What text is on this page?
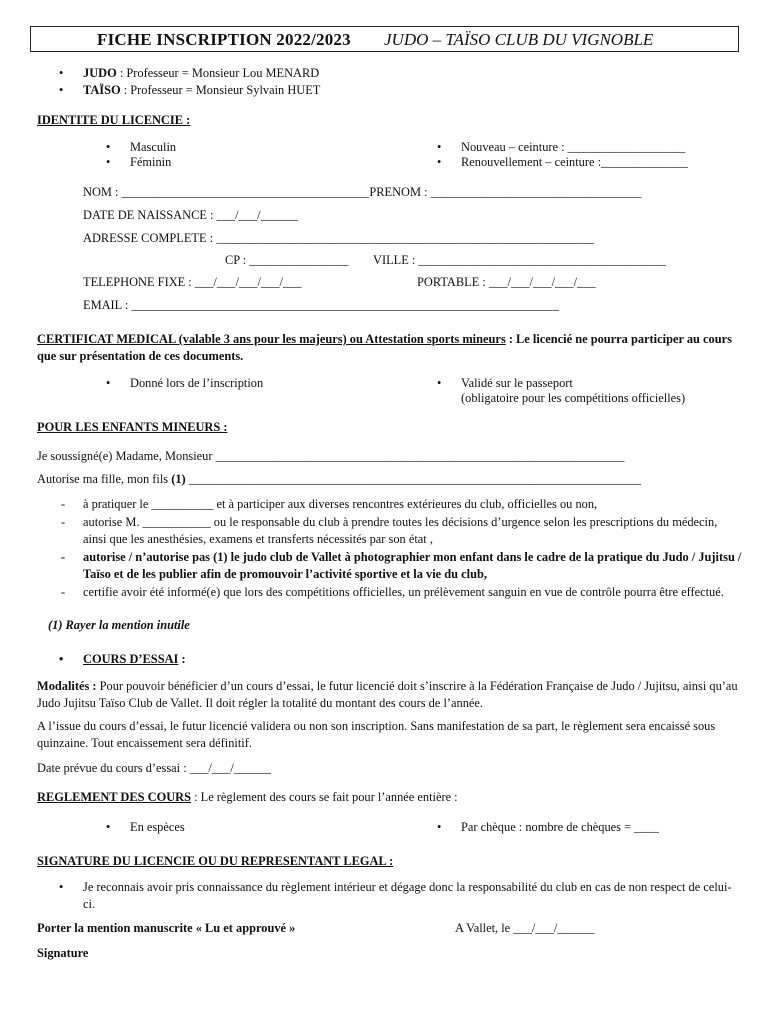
FICHE INSCRIPTION 2022/2023 JUDO – TAÏSO CLUB DU VIGNOBLE
• JUDO : Professeur = Monsieur Lou MENARD
• TAÏSO : Professeur = Monsieur Sylvain HUET
IDENTITE DU LICENCIE :
• Masculin
• Féminin
• Nouveau – ceinture : ___________________
• Renouvellement – ceinture :______________
NOM : ________________________________________PRENOM : __________________________________
DATE DE NAISSANCE : ___/___/______
ADRESSE COMPLETE : _____________________________________________________________
CP : ________________ VILLE : ________________________________________
TELEPHONE FIXE : ___/___/___/___/___	PORTABLE : ___/___/___/___/___
EMAIL : _____________________________________________________________________
CERTIFICAT MEDICAL (valable 3 ans pour les majeurs) ou Attestation sports mineurs : Le licencié ne pourra participer au cours que sur présentation de ces documents.
• Donné lors de l’inscription	• Validé sur le passeport
(obligatoire pour les compétitions officielles)
POUR LES ENFANTS MINEURS :
Je soussigné(e) Madame, Monsieur __________________________________________________________________
Autorise ma fille, mon fils (1) _________________________________________________________________________
- à pratiquer le __________ et à participer aux diverses rencontres extérieures du club, officielles ou non,
- autorise M. ___________ ou le responsable du club à prendre toutes les décisions d’urgence selon les prescriptions du médecin, ainsi que les anesthésies, examens et transferts nécessités par son état ,
- autorise / n’autorise pas (1) le judo club de Vallet à photographier mon enfant dans le cadre de la pratique du Judo / Jujitsu / Taïso et de les publier afin de promouvoir l’activité sportive et la vie du club,
- certifie avoir été informé(e) que lors des compétitions officielles, un prélèvement sanguin en vue de contrôle pourra être effectué.
(1) Rayer la mention inutile
• COURS D’ESSAI :
Modalités : Pour pouvoir bénéficier d’un cours d’essai, le futur licencié doit s’inscrire à la Fédération Française de Judo / Jujitsu, ainsi qu’au Judo Jujitsu Taïso Club de Vallet. Il doit régler la totalité du montant des cours de l’année.
A l’issue du cours d’essai, le futur licencié validera ou non son inscription. Sans manifestation de sa part, le règlement sera encaissé sous quinzaine. Tout encaissement sera définitif.
Date prévue du cours d’essai : ___/___/______
REGLEMENT DES COURS : Le règlement des cours se fait pour l’année entière :
• En espèces	• Par chèque : nombre de chèques = ____
SIGNATURE DU LICENCIE OU DU REPRESENTANT LEGAL :
• Je reconnais avoir pris connaissance du règlement intérieur et dégage donc la responsabilité du club en cas de non respect de celui-ci.
Porter la mention manuscrite « Lu et approuvé »	A Vallet, le ___/___/______
Signature
